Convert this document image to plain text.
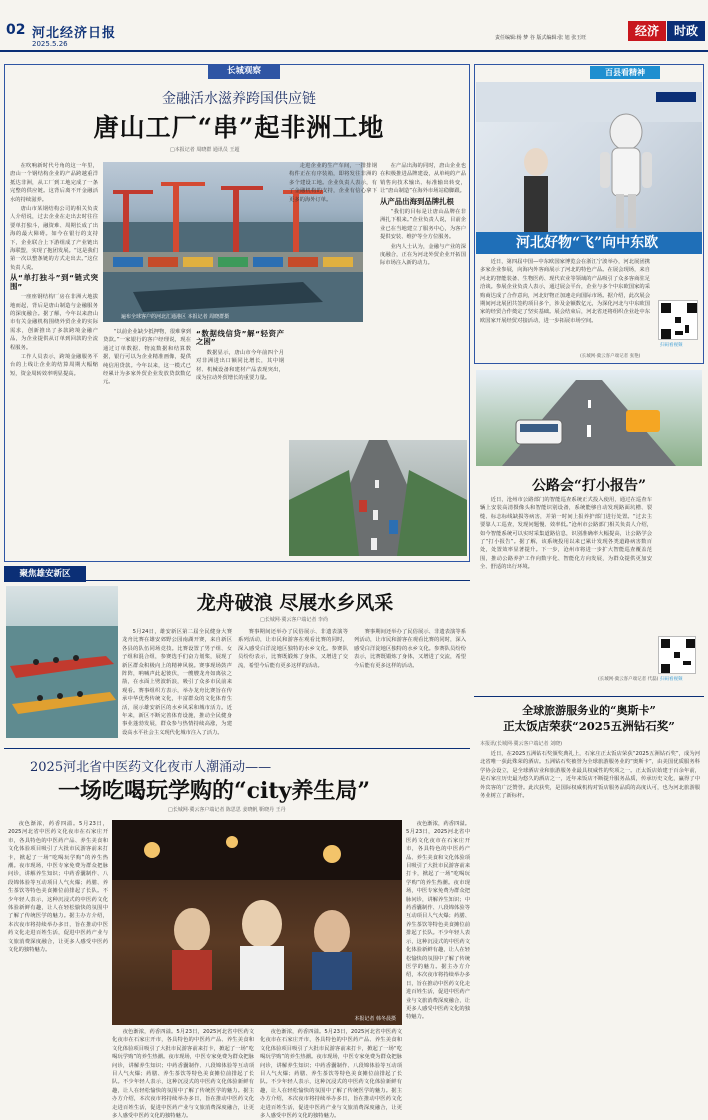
02 河北经济日报
2025.5.26
责任编辑:杨 梦 谷 版式编辑:张 旭 张玉旺	经济	时政
长城观察
金融活水滋养跨国供应链
唐山工厂“串”起非洲工地
□本报记者 周晓群 通讯员 王超

在吹响新时代号角的这一年里，唐山一个钢结构企业的产品跨越重洋抵达非洲，从工厂到工地完成了一条完整的供应链。这背后离不开金融活水的持续滋养。

唐山市某钢结构公司的相关负责人介绍说，过去企业在走出去时往往要单打独斗，融资难、周期长成了出海的最大障碍。如今在银行的支持下，企业联合上下游组成了产业链出海联盟，实现了抱团发展。“这是我们第一次以整条链的方式走出去。”这位负责人说。

从“单打独斗”到“链式突围”

一座座钢结构厂房在非洲大地拔地而起，背后是唐山制造与金融服务的深度融合。据了解，今年以来唐山市有关金融机构围绕外贸企业的实际需求，创新推出了多款跨境金融产品，为企业提供从订单到回款的全流程服务。

工作人员表示，跨境金融服务平台的上线让企业的结算周期大幅缩短，资金周转效率明显提高。

遍布全球客户的河北汇通港区 本报记者 周晓群摄

“以前企业缺少抵押物，很难拿到贷款。”一家银行的客户经理说，现在通过订单数据、物流数据和结算数据，银行可以为企业精准画像，提供纯信用贷款。今年以来，这一模式已经累计为多家外贸企业发放贷款数亿元。

“数据线信贷”解“轻资产之困”

数据显示，唐山市今年前四个月对非洲进出口额同比增长，其中钢材、机械设备和建材产品表现突出，成为拉动外贸增长的重要力量。

走进企业的生产车间，一排排钢构件正在有序装箱，即将发往非洲的多个建设工地。企业负责人表示，有了金融机构的支持，企业有信心拿下更多的海外订单。

在产品出海的同时，唐山企业也在积极推进品牌建设，从单纯的产品销售向技术输出、标准输出转变，让“唐山制造”在海外市场站稳脚跟。

从产品出海到品牌扎根

“我们的目标是让唐山品牌在非洲扎下根来。”企业负责人说，目前企业已在当地建立了服务中心，为客户提供安装、维护等全方位服务。

业内人士认为，金融与产业的深度融合，正在为河北外贸企业开拓国际市场注入新的动力。

百县看精神
河北好物“飞”向中东欧

近日，第四届中国—中东欧国家博览会在浙江宁波举办，河北展团携多家企业参展，向海内外客商展示了河北的特色产品。在展会现场，来自河北的智能装备、生物医药、现代农业等领域的产品吸引了众多客商驻足洽谈。参展企业负责人表示，通过展会平台，企业与多个中东欧国家的采购商达成了合作意向，河北好物正加速走向国际市场。据介绍，此次展会期间河北展团共签约项目多个，涉及金额数亿元，为深化河北与中东欧国家的经贸合作奠定了坚实基础。展会结束后，河北省还将组织企业赴中东欧国家开展经贸对接活动，进一步拓展市场空间。

(长城网·冀云客户端记者 张艳)
扫码看视频
公路会“打小报告”

近日，沧州市公路部门的智能巡查系统正式投入使用，通过在巡查车辆上安装高清摄像头和智能识别设备，系统能够自动发现路面坑槽、裂缝、标志标线缺损等病害，并第一时间上报养护部门进行处置。“过去主要靠人工巡查，发现问题慢、效率低。”沧州市公路部门相关负责人介绍，如今智能系统可以实时采集道路信息，识别准确率大幅提高，让公路学会了“打小报告”。据了解，该系统投用以来已累计发现各类道路病害数百处，处置效率显著提升。下一步，沧州市将进一步扩大智能巡查覆盖范围，推动公路养护工作向数字化、智能化方向发展，为群众提供更加安全、舒适的出行环境。

(长城网·冀云客户端记者 代磊) 扫码看视频
聚焦雄安新区
龙舟破浪 尽展水乡风采
□长城网·冀云客户端记者 李尚

5月24日，雄安新区第二届全民健身大赛龙舟比赛在雄安郊野公园南湖开赛，来自新区各县的队伍同场竞技。比赛设置了男子组、女子组和混合组，参赛选手们奋力划桨，展现了新区群众积极向上的精神风貌。赛事现场鼓声阵阵，呐喊声此起彼伏，一艘艘龙舟如离弦之箭，在水面上劈波斩浪，吸引了众多市民前来观看。赛事组织方表示，举办龙舟比赛旨在传承中华优秀传统文化，丰富群众的文化体育生活，展示雄安新区的水乡风采和城市活力。近年来，新区不断完善体育设施，推动全民健身事业蓬勃发展，群众参与热情持续高涨，为建设高水平社会主义现代化城市注入了活力。

赛事期间还举办了民俗展示、非遗表演等系列活动，让市民和游客在观看比赛的同时，深入感受白洋淀地区独特的水乡文化。参赛队员纷纷表示，比赛既锻炼了身体，又增进了交流，希望今后能有更多这样的活动。

赛事期间还举办了民俗展示、非遗表演等系列活动，让市民和游客在观看比赛的同时，深入感受白洋淀地区独特的水乡文化。参赛队员纷纷表示，比赛既锻炼了身体，又增进了交流，希望今后能有更多这样的活动。

2025河北省中医药文化夜市人潮涌动——
一场吃喝玩学购的“city养生局”
□长城网·冀云客户端记者 陈思思 姜晓帆 靳晓丹 王丹

夜色渐浓，药香四溢。5月23日，2025河北省中医药文化夜市在石家庄开市，各具特色的中医药产品、养生美食和文化体验项目吸引了大批市民游客前来打卡，掀起了一场“吃喝玩学购”的养生热潮。夜市现场，中医专家免费为群众把脉问诊，讲解养生知识；中药香囊制作、八段锦体验等互动项目人气火爆；药膳、养生茶饮等特色美食摊位前排起了长队。不少年轻人表示，这种沉浸式的中医药文化体验新鲜有趣，让人在轻松愉快的氛围中了解了传统医学的魅力。据主办方介绍，本次夜市将持续举办多日，旨在推动中医药文化走进百姓生活，促进中医药产业与文旅消费深度融合，让更多人感受中医药文化的独特魅力。

本报记者 韩冬晨摄

夜色渐浓，药香四溢。5月23日，2025河北省中医药文化夜市在石家庄开市，各具特色的中医药产品、养生美食和文化体验项目吸引了大批市民游客前来打卡，掀起了一场“吃喝玩学购”的养生热潮。夜市现场，中医专家免费为群众把脉问诊，讲解养生知识；中药香囊制作、八段锦体验等互动项目人气火爆；药膳、养生茶饮等特色美食摊位前排起了长队。不少年轻人表示，这种沉浸式的中医药文化体验新鲜有趣，让人在轻松愉快的氛围中了解了传统医学的魅力。据主办方介绍，本次夜市将持续举办多日，旨在推动中医药文化走进百姓生活，促进中医药产业与文旅消费深度融合，让更多人感受中医药文化的独特魅力。

夜色渐浓，药香四溢。5月23日，2025河北省中医药文化夜市在石家庄开市，各具特色的中医药产品、养生美食和文化体验项目吸引了大批市民游客前来打卡，掀起了一场“吃喝玩学购”的养生热潮。夜市现场，中医专家免费为群众把脉问诊，讲解养生知识；中药香囊制作、八段锦体验等互动项目人气火爆；药膳、养生茶饮等特色美食摊位前排起了长队。不少年轻人表示，这种沉浸式的中医药文化体验新鲜有趣，让人在轻松愉快的氛围中了解了传统医学的魅力。据主办方介绍，本次夜市将持续举办多日，旨在推动中医药文化走进百姓生活，促进中医药产业与文旅消费深度融合，让更多人感受中医药文化的独特魅力。

夜色渐浓，药香四溢。5月23日，2025河北省中医药文化夜市在石家庄开市，各具特色的中医药产品、养生美食和文化体验项目吸引了大批市民游客前来打卡，掀起了一场“吃喝玩学购”的养生热潮。夜市现场，中医专家免费为群众把脉问诊，讲解养生知识；中药香囊制作、八段锦体验等互动项目人气火爆；药膳、养生茶饮等特色美食摊位前排起了长队。不少年轻人表示，这种沉浸式的中医药文化体验新鲜有趣，让人在轻松愉快的氛围中了解了传统医学的魅力。据主办方介绍，本次夜市将持续举办多日，旨在推动中医药文化走进百姓生活，促进中医药产业与文旅消费深度融合，让更多人感受中医药文化的独特魅力。

全球旅游服务业的“奥斯卡”
正太饭店荣获“2025五洲钻石奖”
本报讯(长城网·冀云客户端记者 刘晓)

近日，在2025五洲钻石奖颁奖典礼上，石家庄正太饭店荣获“2025五洲钻石奖”，成为河北省唯一获此殊荣的酒店。五洲钻石奖被誉为全球旅游服务业的“奥斯卡”，由美国优质服务科学协会设立，是全球酒店业和旅游服务业最具权威性的奖项之一。正太饭店始建于百余年前，是石家庄历史最为悠久的酒店之一，近年来饭店不断提升服务品质，传承历史文化，赢得了中外宾客的广泛赞誉。此次获奖，是国际权威机构对饭店服务品质的高度认可，也为河北旅游服务业树立了新标杆。
